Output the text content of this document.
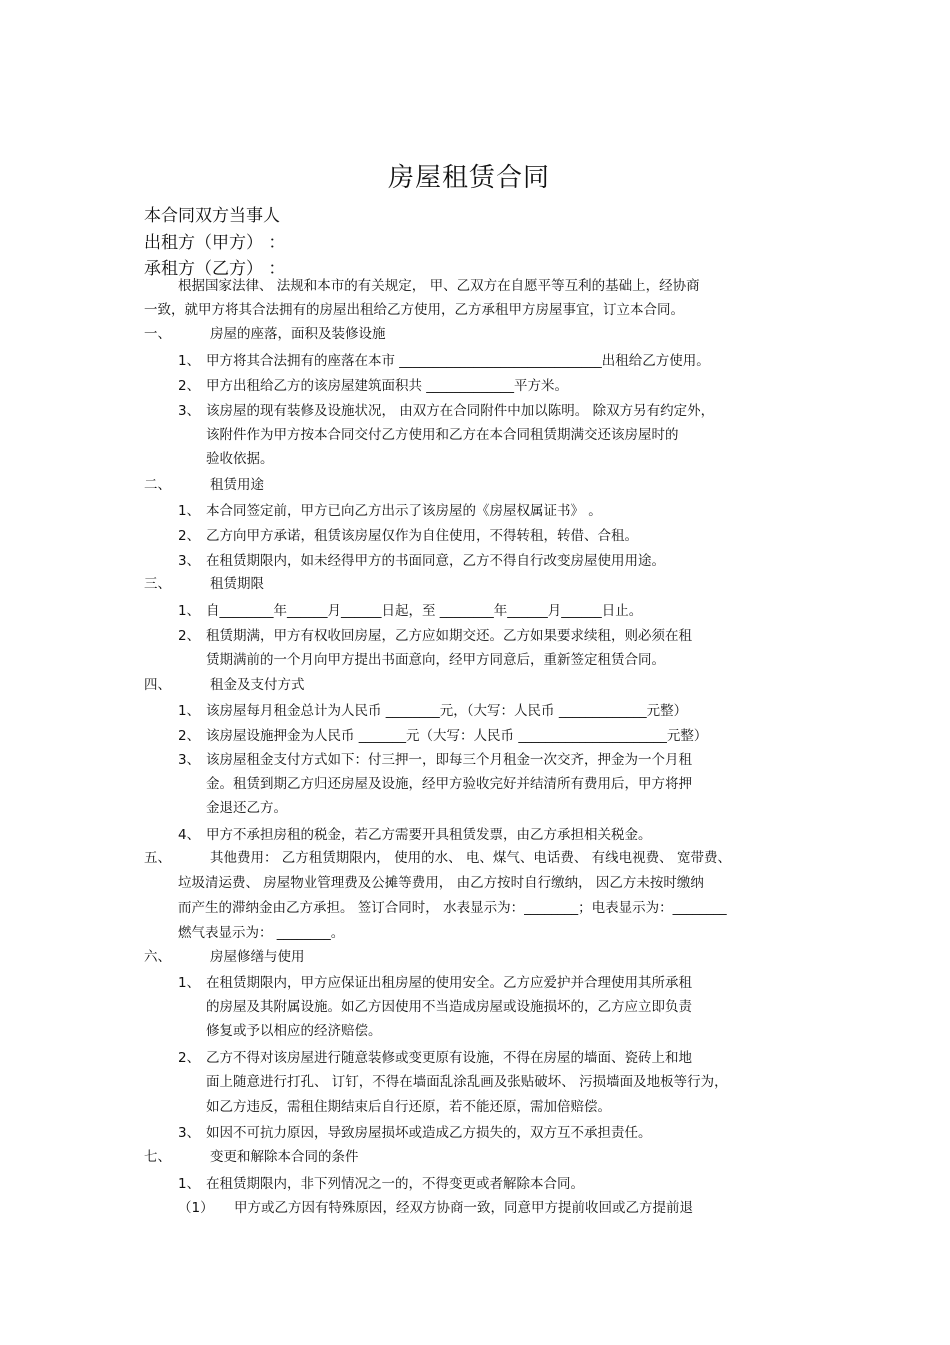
房屋租赁合同
本合同双方当事人
出租方（甲方） ：
承租方（乙方） ：
根据国家法律、 法规和本市的有关规定， 甲、乙双方在自愿平等互利的基础上，经协商
一致，就甲方将其合法拥有的房屋出租给乙方使用，乙方承租甲方房屋事宜，订立本合同。
一、	房屋的座落，面积及装修设施
1、 甲方将其合法拥有的座落在本市 ______________________________出租给乙方使用。
2、 甲方出租给乙方的该房屋建筑面积共 _____________平方米。
3、 该房屋的现有装修及设施状况， 由双方在合同附件中加以陈明。 除双方另有约定外，
该附件作为甲方按本合同交付乙方使用和乙方在本合同租赁期满交还该房屋时的
验收依据。
二、	租赁用途
1、 本合同签定前，甲方已向乙方出示了该房屋的《房屋权属证书》 。
2、 乙方向甲方承诺，租赁该房屋仅作为自住使用，不得转租，转借、合租。
3、 在租赁期限内，如未经得甲方的书面同意，乙方不得自行改变房屋使用用途。
三、	租赁期限
1、 自________年______月______日起，至 ________年______月______日止。
2、 租赁期满，甲方有权收回房屋，乙方应如期交还。乙方如果要求续租，则必须在租
赁期满前的一个月向甲方提出书面意向，经甲方同意后，重新签定租赁合同。
四、	租金及支付方式
1、 该房屋每月租金总计为人民币 ________元，（大写：人民币 _____________元整）
2、 该房屋设施押金为人民币 _______元（大写：人民币 ______________________元整）
3、 该房屋租金支付方式如下：付三押一，即每三个月租金一次交齐，押金为一个月租
金。租赁到期乙方归还房屋及设施，经甲方验收完好并结清所有费用后，甲方将押
金退还乙方。
4、 甲方不承担房租的税金，若乙方需要开具租赁发票，由乙方承担相关税金。
五、	其他费用： 乙方租赁期限内， 使用的水、 电、煤气、电话费、 有线电视费、 宽带费、
垃圾清运费、 房屋物业管理费及公摊等费用， 由乙方按时自行缴纳， 因乙方未按时缴纳
而产生的滞纳金由乙方承担。 签订合同时， 水表显示为：________；电表显示为：________
燃气表显示为： ________。
六、	房屋修缮与使用
1、 在租赁期限内，甲方应保证出租房屋的使用安全。乙方应爱护并合理使用其所承租
的房屋及其附属设施。如乙方因使用不当造成房屋或设施损坏的，乙方应立即负责
修复或予以相应的经济赔偿。
2、 乙方不得对该房屋进行随意装修或变更原有设施，不得在房屋的墙面、瓷砖上和地
面上随意进行打孔、 订钉，不得在墙面乱涂乱画及张贴破坏、 污损墙面及地板等行为，
如乙方违反，需租住期结束后自行还原，若不能还原，需加倍赔偿。
3、 如因不可抗力原因，导致房屋损坏或造成乙方损失的，双方互不承担责任。
七、	变更和解除本合同的条件
1、 在租赁期限内，非下列情况之一的，不得变更或者解除本合同。
（1） 甲方或乙方因有特殊原因，经双方协商一致，同意甲方提前收回或乙方提前退
